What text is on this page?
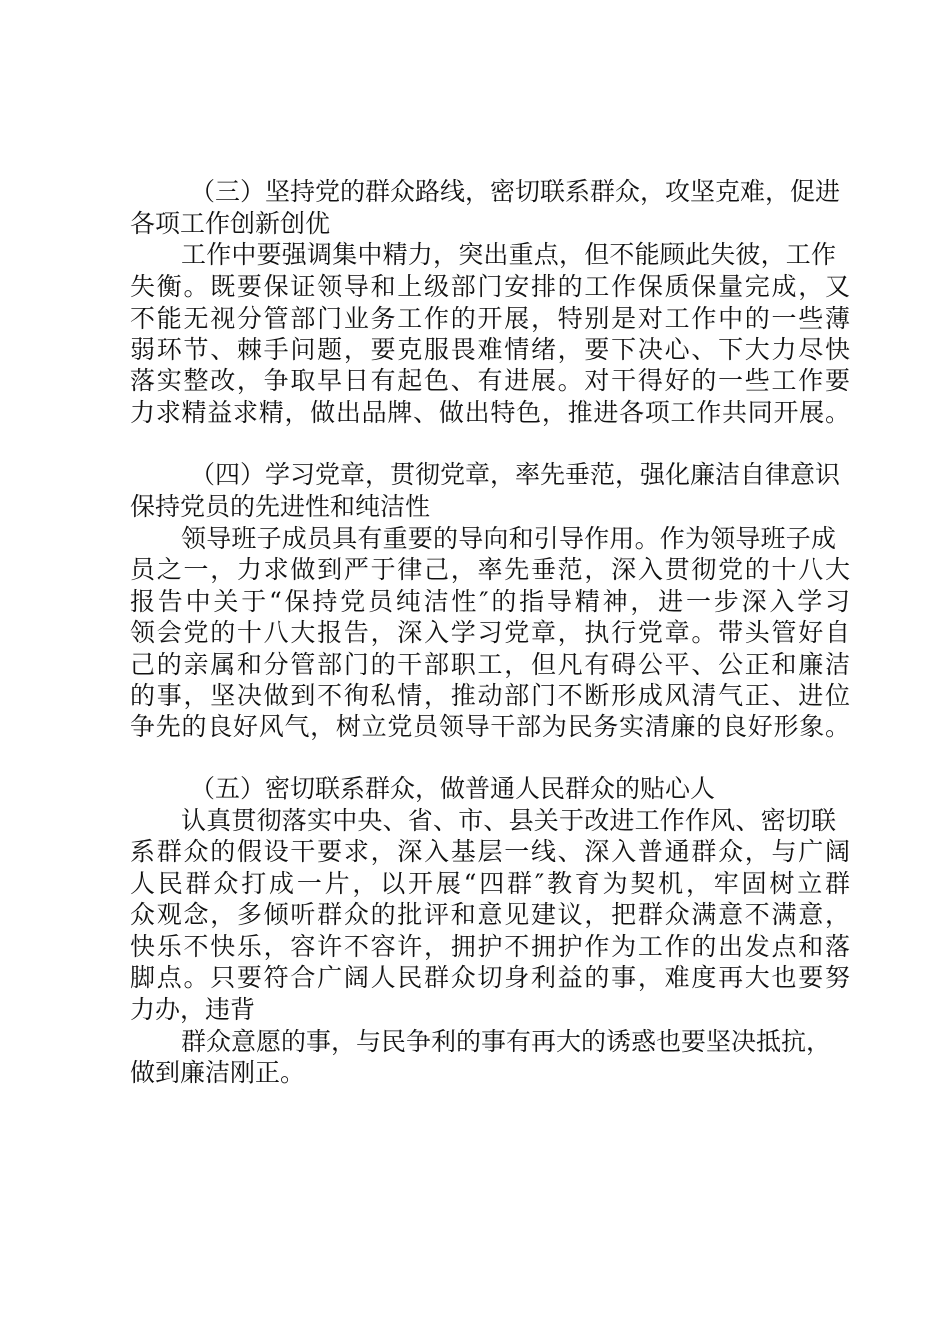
（三）坚持党的群众路线，密切联系群众，攻坚克难，促进
各项工作创新创优
工作中要强调集中精力，突出重点，但不能顾此失彼，工作
失衡。既要保证领导和上级部门安排的工作保质保量完成，又
不能无视分管部门业务工作的开展，特别是对工作中的一些薄
弱环节、棘手问题，要克服畏难情绪，要下决心、下大力尽快
落实整改，争取早日有起色、有进展。对干得好的一些工作要
力求精益求精，做出品牌、做出特色，推进各项工作共同开展。
（四）学习党章，贯彻党章，率先垂范，强化廉洁自律意识
保持党员的先进性和纯洁性
领导班子成员具有重要的导向和引导作用。作为领导班子成
员之一，力求做到严于律己，率先垂范，深入贯彻党的十八大
报告中关于“保持党员纯洁性″的指导精神，进一步深入学习
领会党的十八大报告，深入学习党章，执行党章。带头管好自
己的亲属和分管部门的干部职工，但凡有碍公平、公正和廉洁
的事，坚决做到不徇私情，推动部门不断形成风清气正、进位
争先的良好风气，树立党员领导干部为民务实清廉的良好形象。
（五）密切联系群众，做普通人民群众的贴心人
认真贯彻落实中央、省、市、县关于改进工作作风、密切联
系群众的假设干要求，深入基层一线、深入普通群众，与广阔
人民群众打成一片，以开展“四群″教育为契机，牢固树立群
众观念，多倾听群众的批评和意见建议，把群众满意不满意，
快乐不快乐，容许不容许，拥护不拥护作为工作的出发点和落
脚点。只要符合广阔人民群众切身利益的事，难度再大也要努
力办，违背
群众意愿的事，与民争利的事有再大的诱惑也要坚决抵抗，
做到廉洁刚正。
